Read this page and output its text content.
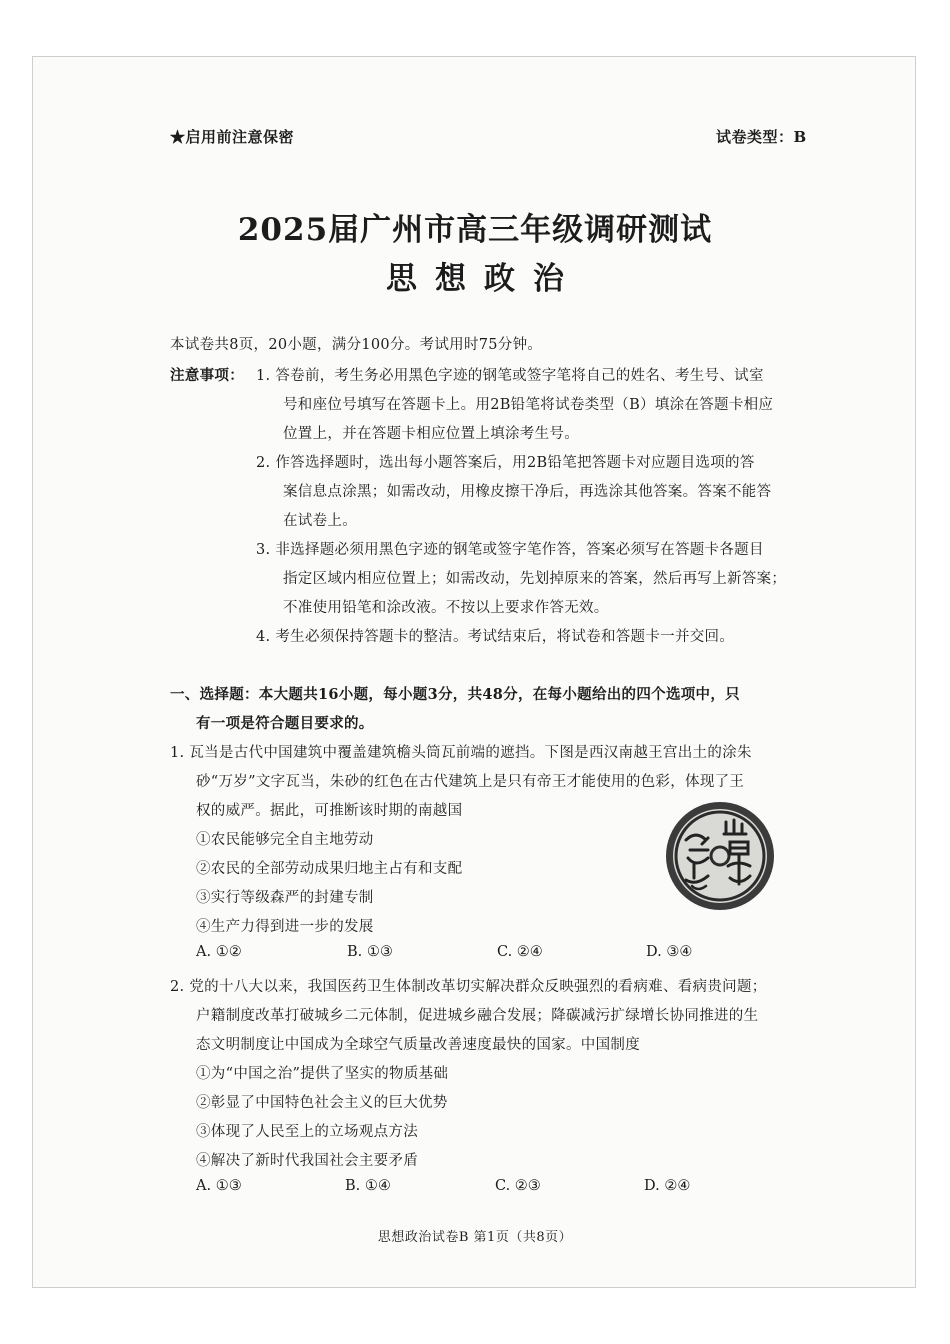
★启用前注意保密	试卷类型：B
2025届广州市高三年级调研测试
思想政治
本试卷共8页，20小题，满分100分。考试用时75分钟。
注意事项： 1. 答卷前，考生务必用黑色字迹的钢笔或签字笔将自己的姓名、考生号、试室
号和座位号填写在答题卡上。用2B铅笔将试卷类型（B）填涂在答题卡相应
位置上，并在答题卡相应位置上填涂考生号。
2. 作答选择题时，选出每小题答案后，用2B铅笔把答题卡对应题目选项的答
案信息点涂黑；如需改动，用橡皮擦干净后，再选涂其他答案。答案不能答
在试卷上。
3. 非选择题必须用黑色字迹的钢笔或签字笔作答，答案必须写在答题卡各题目
指定区域内相应位置上；如需改动，先划掉原来的答案，然后再写上新答案；
不准使用铅笔和涂改液。不按以上要求作答无效。
4. 考生必须保持答题卡的整洁。考试结束后，将试卷和答题卡一并交回。
一、选择题：本大题共16小题，每小题3分，共48分，在每小题给出的四个选项中，只
有一项是符合题目要求的。
1. 瓦当是古代中国建筑中覆盖建筑檐头筒瓦前端的遮挡。下图是西汉南越王宫出土的涂朱
砂“万岁”文字瓦当，朱砂的红色在古代建筑上是只有帝王才能使用的色彩，体现了王
权的威严。据此，可推断该时期的南越国
①农民能够完全自主地劳动
②农民的全部劳动成果归地主占有和支配
③实行等级森严的封建专制
④生产力得到进一步的发展
A. ①②	B. ①③	C. ②④	D. ③④
2. 党的十八大以来，我国医药卫生体制改革切实解决群众反映强烈的看病难、看病贵问题；
户籍制度改革打破城乡二元体制，促进城乡融合发展；降碳减污扩绿增长协同推进的生
态文明制度让中国成为全球空气质量改善速度最快的国家。中国制度
①为“中国之治”提供了坚实的物质基础
②彰显了中国特色社会主义的巨大优势
③体现了人民至上的立场观点方法
④解决了新时代我国社会主要矛盾
A. ①③	B. ①④	C. ②③	D. ②④
思想政治试卷B 第1页（共8页）
